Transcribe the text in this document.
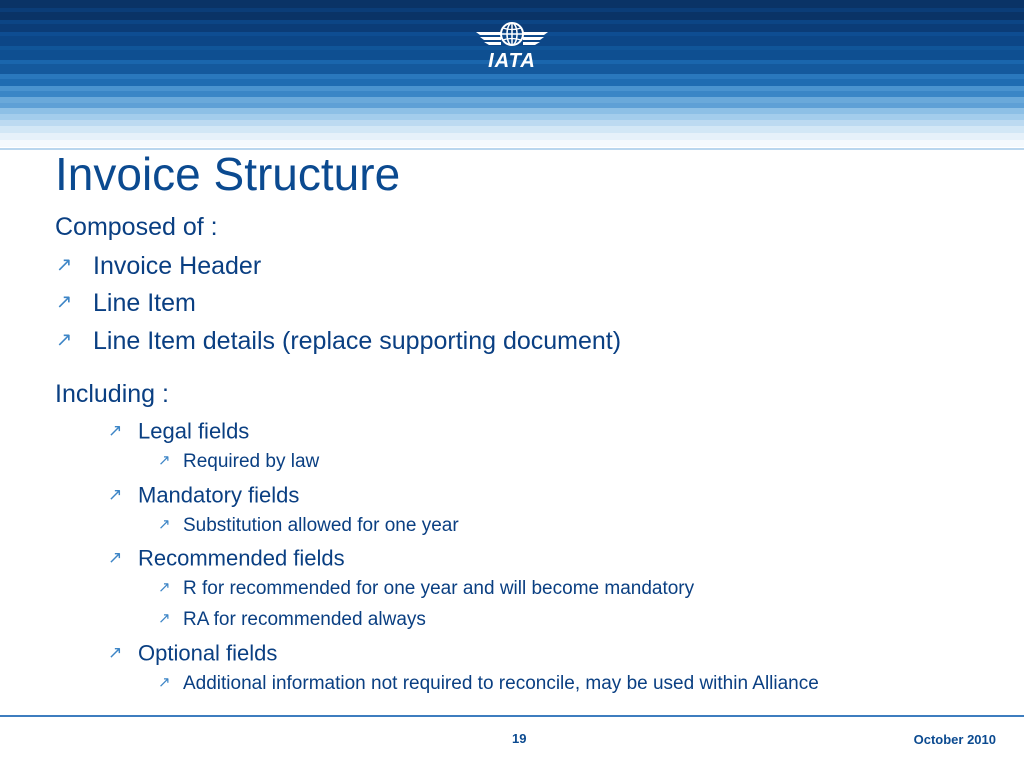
IATA
Invoice Structure
Composed of :
↗ Invoice Header
↗ Line Item
↗ Line Item details (replace supporting document)
Including :
↗ Legal fields
↗ Required by law
↗ Mandatory fields
↗ Substitution allowed for one year
↗ Recommended fields
↗ R for recommended for one year and will become mandatory
↗ RA for recommended always
↗ Optional fields
↗ Additional information not required to reconcile, may be used within Alliance
19	October 2010
